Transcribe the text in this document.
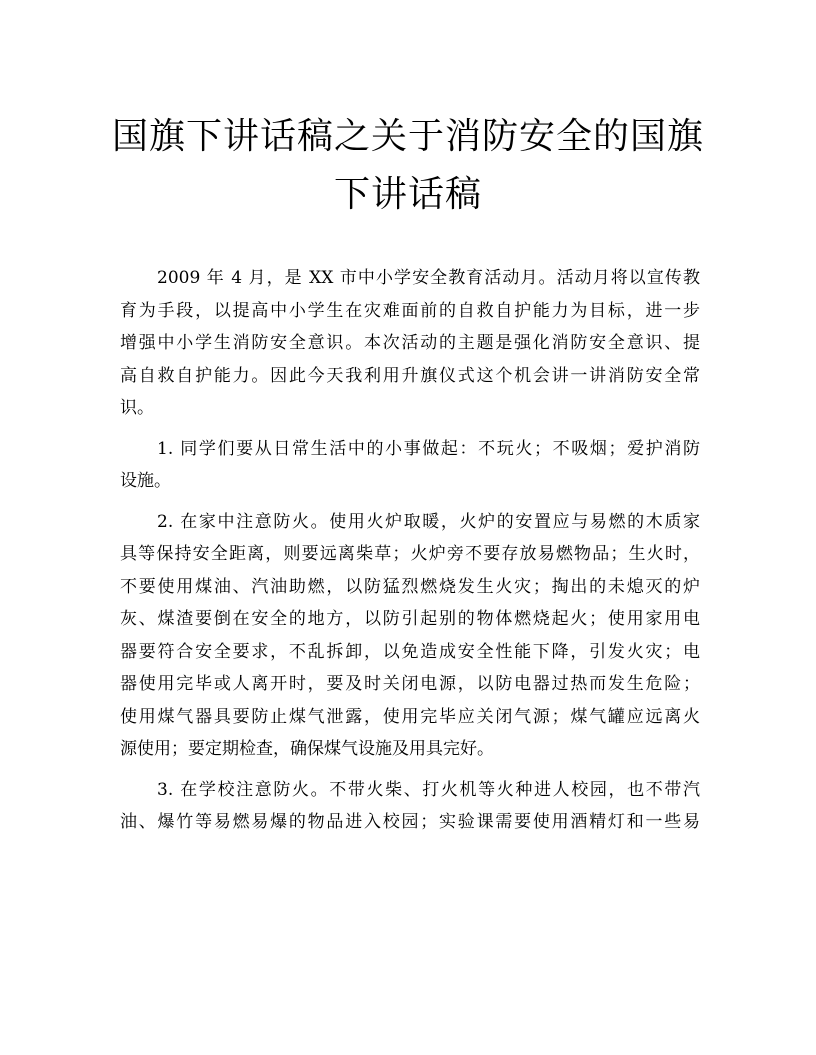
国旗下讲话稿之关于消防安全的国旗
下讲话稿

2009 年 4 月，是 XX 市中小学安全教育活动月。活动月将以宣传教
育为手段，以提高中小学生在灾难面前的自救自护能力为目标，进一步
增强中小学生消防安全意识。本次活动的主题是强化消防安全意识、提
高自救自护能力。因此今天我利用升旗仪式这个机会讲一讲消防安全常
识。

1. 同学们要从日常生活中的小事做起：不玩火；不吸烟；爱护消防
设施。

2. 在家中注意防火。使用火炉取暖，火炉的安置应与易燃的木质家
具等保持安全距离，则要远离柴草；火炉旁不要存放易燃物品；生火时，
不要使用煤油、汽油助燃，以防猛烈燃烧发生火灾；掏出的未熄灭的炉
灰、煤渣要倒在安全的地方，以防引起别的物体燃烧起火；使用家用电
器要符合安全要求，不乱拆卸，以免造成安全性能下降，引发火灾；电
器使用完毕或人离开时，要及时关闭电源，以防电器过热而发生危险；
使用煤气器具要防止煤气泄露，使用完毕应关闭气源；煤气罐应远离火
源使用；要定期检查，确保煤气设施及用具完好。

3. 在学校注意防火。不带火柴、打火机等火种进人校园，也不带汽
油、爆竹等易燃易爆的物品进入校园；实验课需要使用酒精灯和一些易
